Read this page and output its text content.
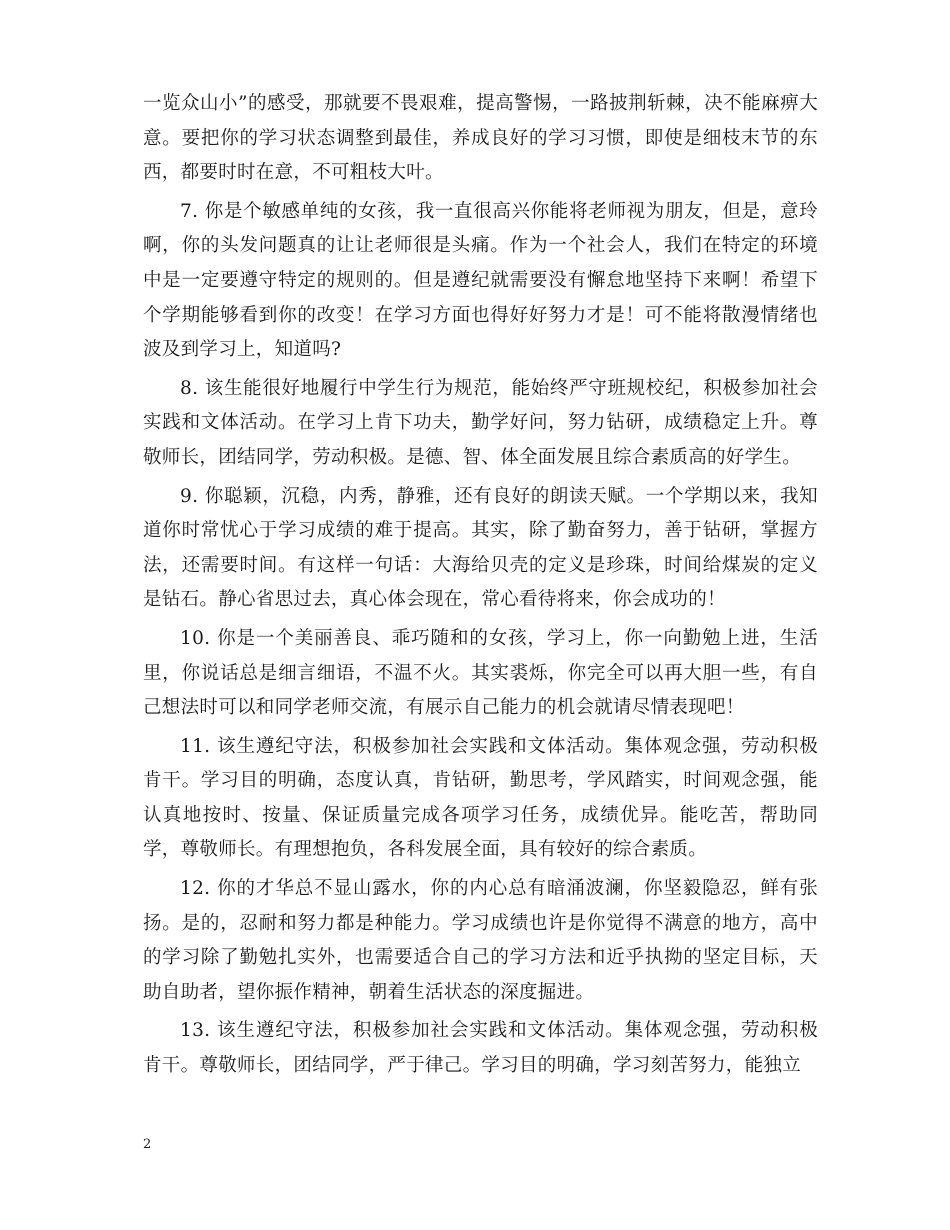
一览众山小”的感受，那就要不畏艰难，提高警惕，一路披荆斩棘，决不能麻痹大意。要把你的学习状态调整到最佳，养成良好的学习习惯，即使是细枝末节的东西，都要时时在意，不可粗枝大叶。

7. 你是个敏感单纯的女孩，我一直很高兴你能将老师视为朋友，但是，意玲啊，你的头发问题真的让让老师很是头痛。作为一个社会人，我们在特定的环境中是一定要遵守特定的规则的。但是遵纪就需要没有懈怠地坚持下来啊！希望下个学期能够看到你的改变！在学习方面也得好好努力才是！可不能将散漫情绪也波及到学习上，知道吗?

8. 该生能很好地履行中学生行为规范，能始终严守班规校纪，积极参加社会实践和文体活动。在学习上肯下功夫，勤学好问，努力钻研，成绩稳定上升。尊敬师长，团结同学，劳动积极。是德、智、体全面发展且综合素质高的好学生。

9. 你聪颖，沉稳，内秀，静雅，还有良好的朗读天赋。一个学期以来，我知道你时常忧心于学习成绩的难于提高。其实，除了勤奋努力，善于钻研，掌握方法，还需要时间。有这样一句话：大海给贝壳的定义是珍珠，时间给煤炭的定义是钻石。静心省思过去，真心体会现在，常心看待将来，你会成功的！

10. 你是一个美丽善良、乖巧随和的女孩，学习上，你一向勤勉上进，生活里，你说话总是细言细语，不温不火。其实裘烁，你完全可以再大胆一些，有自己想法时可以和同学老师交流，有展示自己能力的机会就请尽情表现吧！

11. 该生遵纪守法，积极参加社会实践和文体活动。集体观念强，劳动积极肯干。学习目的明确，态度认真，肯钻研，勤思考，学风踏实，时间观念强，能认真地按时、按量、保证质量完成各项学习任务，成绩优异。能吃苦，帮助同学，尊敬师长。有理想抱负，各科发展全面，具有较好的综合素质。

12. 你的才华总不显山露水，你的内心总有暗涌波澜，你坚毅隐忍，鲜有张扬。是的，忍耐和努力都是种能力。学习成绩也许是你觉得不满意的地方，高中的学习除了勤勉扎实外，也需要适合自己的学习方法和近乎执拗的坚定目标，天助自助者，望你振作精神，朝着生活状态的深度掘进。

13. 该生遵纪守法，积极参加社会实践和文体活动。集体观念强，劳动积极肯干。尊敬师长，团结同学，严于律己。学习目的明确，学习刻苦努力，能独立

2
